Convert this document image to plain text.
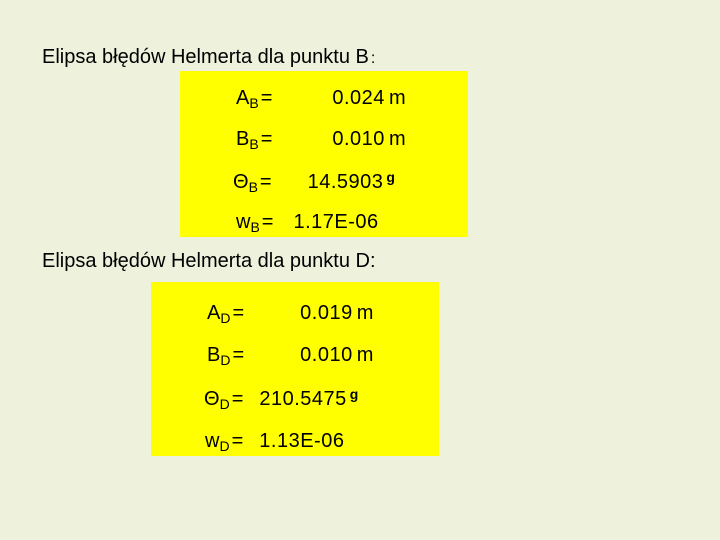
Elipsa błędów Helmerta dla punktu B :
A B =	0.024 m
B B =	0.010 m
Θ B = 14.5903 g
w B = 1.17E-06
Elipsa błędów Helmerta dla punktu D:
A D =	0.019 m
B D =	0.010 m
Θ D = 210.5475 g
w D = 1.13E-06
